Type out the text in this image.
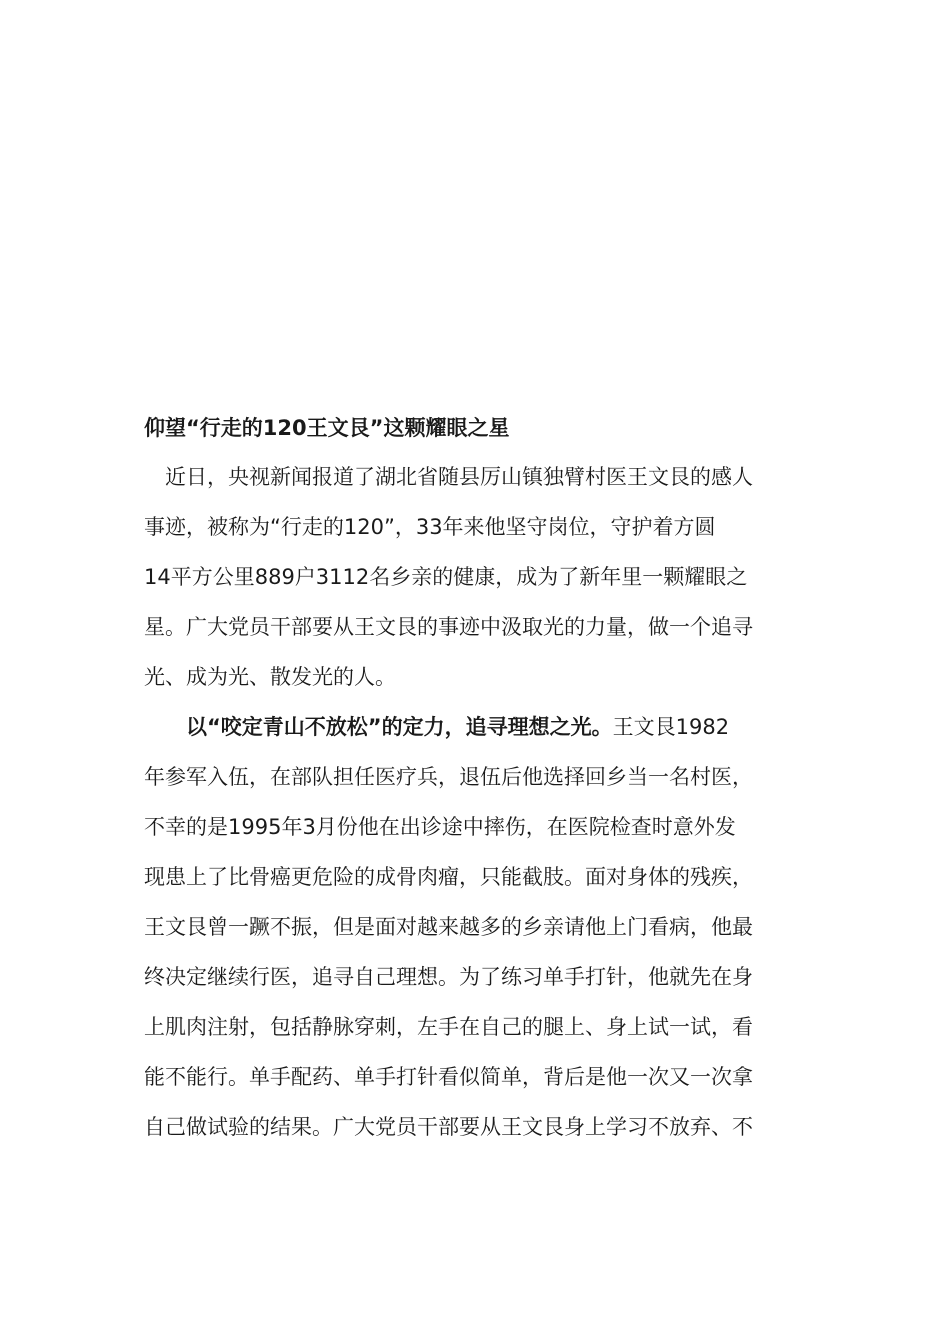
仰望“行走的120王文艮”这颗耀眼之星

　近日，央视新闻报道了湖北省随县厉山镇独臂村医王文艮的感人
事迹，被称为“行走的120”，33年来他坚守岗位，守护着方圆
14平方公里889户3112名乡亲的健康，成为了新年里一颗耀眼之
星。广大党员干部要从王文艮的事迹中汲取光的力量，做一个追寻
光、成为光、散发光的人。

　　以“咬定青山不放松”的定力，追寻理想之光。王文艮1982
年参军入伍，在部队担任医疗兵，退伍后他选择回乡当一名村医，
不幸的是1995年3月份他在出诊途中摔伤，在医院检查时意外发
现患上了比骨癌更危险的成骨肉瘤，只能截肢。面对身体的残疾，
王文艮曾一蹶不振，但是面对越来越多的乡亲请他上门看病，他最
终决定继续行医，追寻自己理想。为了练习单手打针，他就先在身
上肌肉注射，包括静脉穿刺，左手在自己的腿上、身上试一试，看
能不能行。单手配药、单手打针看似简单，背后是他一次又一次拿
自己做试验的结果。广大党员干部要从王文艮身上学习不放弃、不
